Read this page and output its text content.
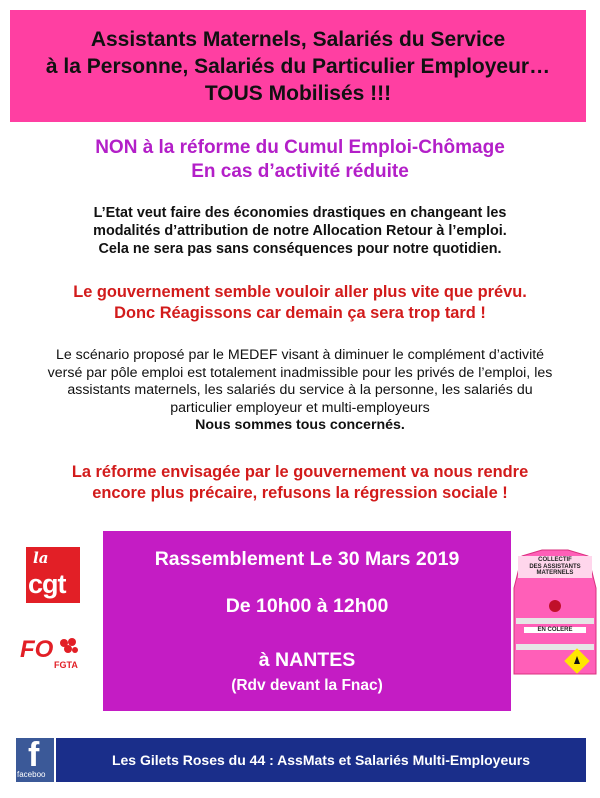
Assistants Maternels, Salariés du Service
à la Personne, Salariés du Particulier Employeur…
TOUS Mobilisés !!!
NON à la réforme du Cumul Emploi-Chômage
En cas d’activité réduite
L’Etat veut faire des économies drastiques en changeant les
modalités d’attribution de notre Allocation Retour à l’emploi.
Cela ne sera pas sans conséquences pour notre quotidien.
Le gouvernement semble vouloir aller plus vite que prévu.
Donc Réagissons car demain ça sera trop tard !
Le scénario proposé par le MEDEF visant à diminuer le complément d’activité
versé par pôle emploi est totalement inadmissible pour les privés de l’emploi, les
assistants maternels, les salariés du service à la personne, les salariés du
particulier employeur et multi-employeurs
Nous sommes tous concernés.
La réforme envisagée par le gouvernement va nous rendre
encore plus précaire, refusons la régression sociale !
la
cgt
FO
FGTA
Rassemblement Le 30 Mars 2019
De 10h00 à 12h00
à NANTES
(Rdv devant la Fnac)
COLLECTIF
DES ASSISTANTS
MATERNELS
EN COLERE
f
faceboo
Les Gilets Roses du 44 : AssMats et Salariés Multi-Employeurs
